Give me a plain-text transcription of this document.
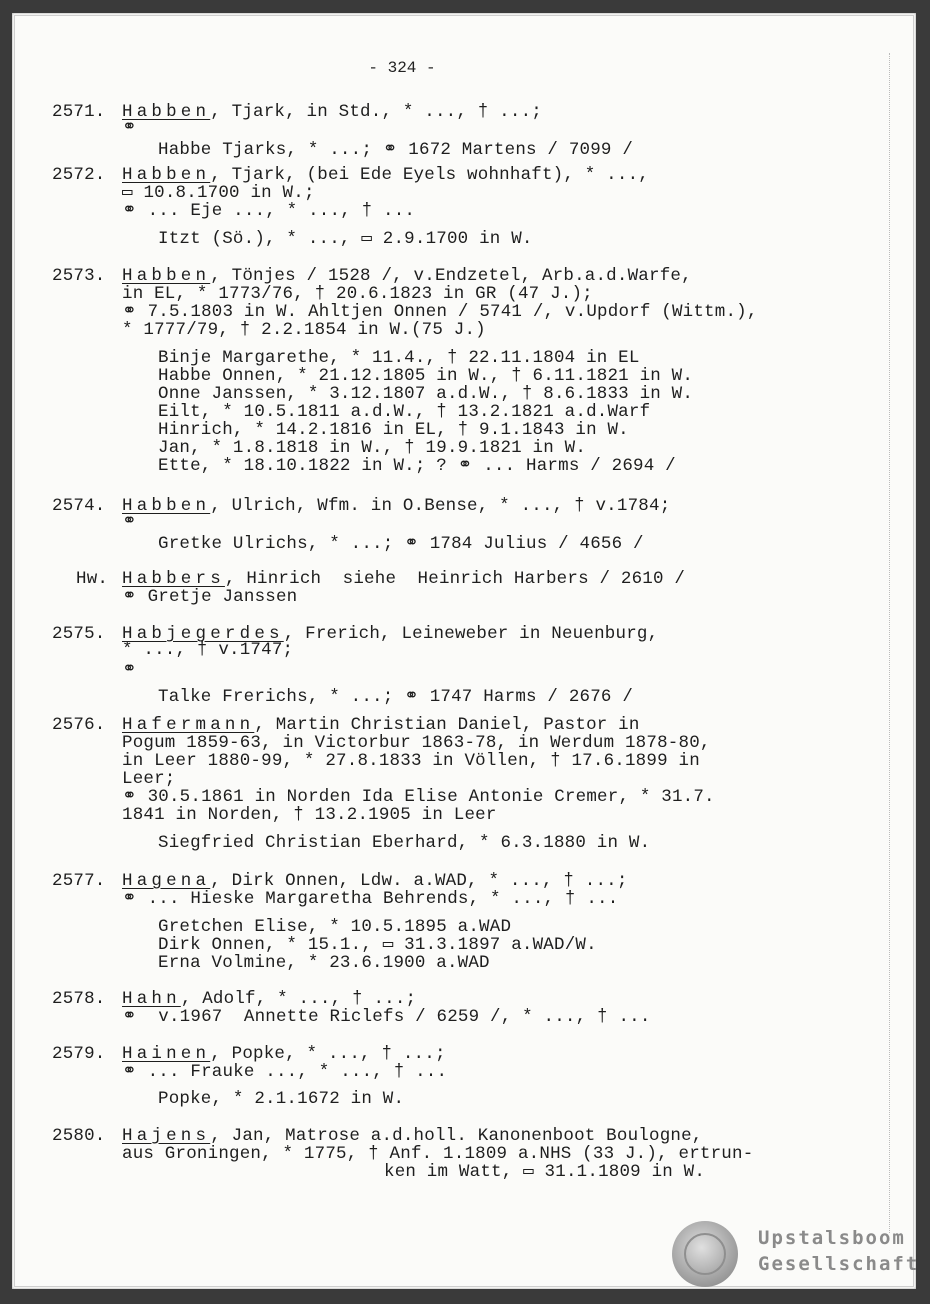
- 324 -
2571. Habben, Tjark, in Std., * ..., † ...;
⚭
Habbe Tjarks, * ...; ⚭ 1672 Martens / 7099 /
2572. Habben, Tjark, (bei Ede Eyels wohnhaft), * ...,
▭ 10.8.1700 in W.;
⚭ ... Eje ..., * ..., † ...
Itzt (Sö.), * ..., ▭ 2.9.1700 in W.
2573. Habben, Tönjes / 1528 /, v.Endzetel, Arb.a.d.Warfe,
in EL, * 1773/76, † 20.6.1823 in GR (47 J.);
⚭ 7.5.1803 in W. Ahltjen Onnen / 5741 /, v.Updorf (Wittm.),
* 1777/79, † 2.2.1854 in W.(75 J.)
Binje Margarethe, * 11.4., † 22.11.1804 in EL
Habbe Onnen, * 21.12.1805 in W., † 6.11.1821 in W.
Onne Janssen, * 3.12.1807 a.d.W., † 8.6.1833 in W.
Eilt, * 10.5.1811 a.d.W., † 13.2.1821 a.d.Warf
Hinrich, * 14.2.1816 in EL, † 9.1.1843 in W.
Jan, * 1.8.1818 in W., † 19.9.1821 in W.
Ette, * 18.10.1822 in W.; ? ⚭ ... Harms / 2694 /
2574. Habben, Ulrich, Wfm. in O.Bense, * ..., † v.1784;
⚭
Gretke Ulrichs, * ...; ⚭ 1784 Julius / 4656 /
Hw. Habbers, Hinrich  siehe  Heinrich Harbers / 2610 /
⚭ Gretje Janssen
2575. Habjegerdes, Frerich, Leineweber in Neuenburg,
* ..., † v.1747;
⚭
Talke Frerichs, * ...; ⚭ 1747 Harms / 2676 /
2576. Hafermann, Martin Christian Daniel, Pastor in
Pogum 1859-63, in Victorbur 1863-78, in Werdum 1878-80,
in Leer 1880-99, * 27.8.1833 in Völlen, † 17.6.1899 in
Leer;
⚭ 30.5.1861 in Norden Ida Elise Antonie Cremer, * 31.7.
1841 in Norden, † 13.2.1905 in Leer
Siegfried Christian Eberhard, * 6.3.1880 in W.
2577. Hagena, Dirk Onnen, Ldw. a.WAD, * ..., † ...;
⚭ ... Hieske Margaretha Behrends, * ..., † ...
Gretchen Elise, * 10.5.1895 a.WAD
Dirk Onnen, * 15.1., ▭ 31.3.1897 a.WAD/W.
Erna Volmine, * 23.6.1900 a.WAD
2578. Hahn, Adolf, * ..., † ...;
⚭  v.1967  Annette Riclefs / 6259 /, * ..., † ...
2579. Hainen, Popke, * ..., † ...;
⚭ ... Frauke ..., * ..., † ...
Popke, * 2.1.1672 in W.
2580. Hajens, Jan, Matrose a.d.holl. Kanonenboot Boulogne,
aus Groningen, * 1775, † Anf. 1.1809 a.NHS (33 J.), ertrun-
ken im Watt, ▭ 31.1.1809 in W.
Upstalsboom
Gesellschaft
